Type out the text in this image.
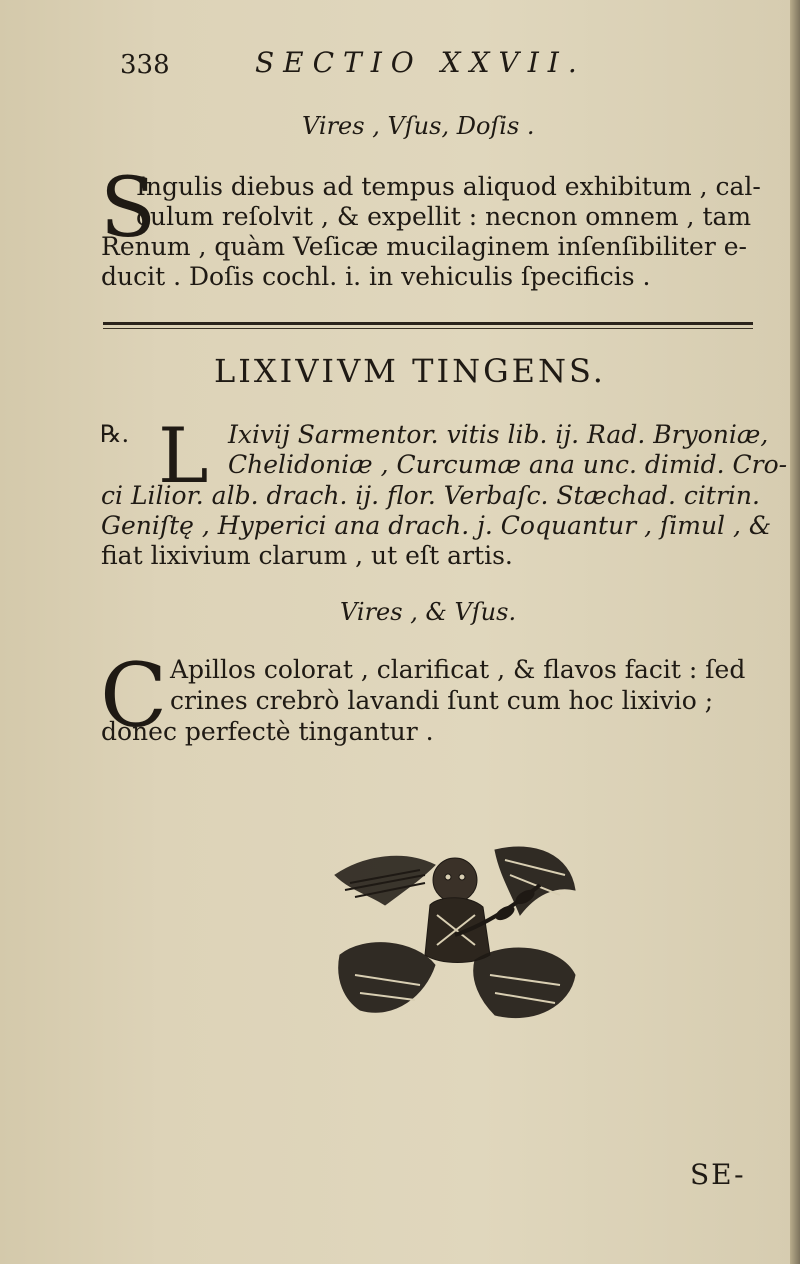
338	SECTIO XXVII.
Vires , Vſus, Doſis .
S
Ingulis diebus ad tempus aliquod exhibitum , cal-
culum reſolvit , & expellit : necnon omnem , tam
Renum , quàm Veſicæ mucilaginem inſenſibiliter e-
ducit . Doſis cochl. i. in vehiculis ſpecificis .
LIXIVIVM TINGENS.
℞. L Ixivij Sarmentor. vitis lib. ij. Rad. Bryoniæ,
Chelidoniæ , Curcumæ ana unc. dimid. Cro-
ci Lilior. alb. drach. ij. flor. Verbaſc. Stæchad. citrin.
Geniſtę , Hyperici ana drach. j. Coquantur , ſimul , &
fiat lixivium clarum , ut eſt artis.
Vires , & Vſus.
C Apillos colorat , clarificat , & flavos facit : ſed
crines crebrò lavandi ſunt cum hoc lixivio ;
donec perfectè tingantur .
SE-
